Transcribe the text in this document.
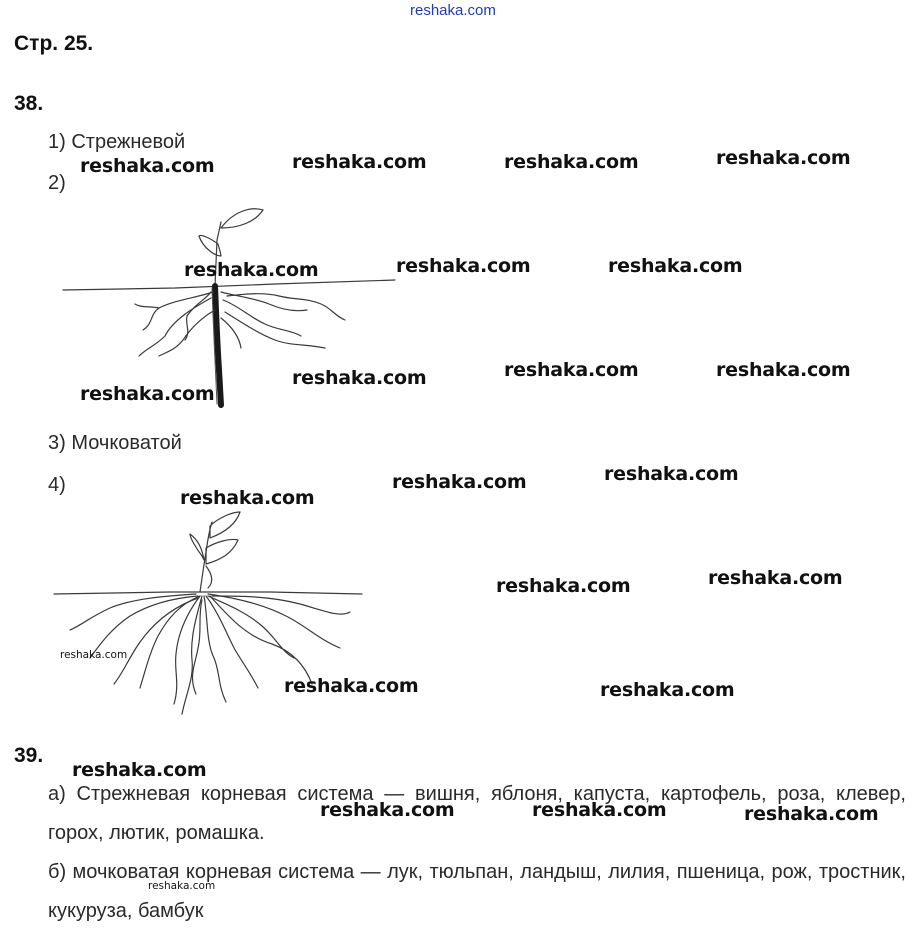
reshaka.com
Стр. 25.
38.
1) Стрежневой
2)
3) Мочковатой
4)
39.
а) Стрежневая корневая система — вишня, яблоня, капуста, картофель, роза, клевер, горох, лютик, ромашка.
б) мочковатая корневая система — лук, тюльпан, ландыш, лилия, пшеница, рож, тростник, кукуруза, бамбук
reshaka.com	reshaka.com	reshaka.com	reshaka.com
reshaka.com	reshaka.com	reshaka.com
reshaka.com	reshaka.com	reshaka.com
reshaka.com
reshaka.com	reshaka.com
reshaka.com
reshaka.com	reshaka.com
reshaka.com
reshaka.com	reshaka.com
reshaka.com
reshaka.com	reshaka.com	reshaka.com
reshaka.com
